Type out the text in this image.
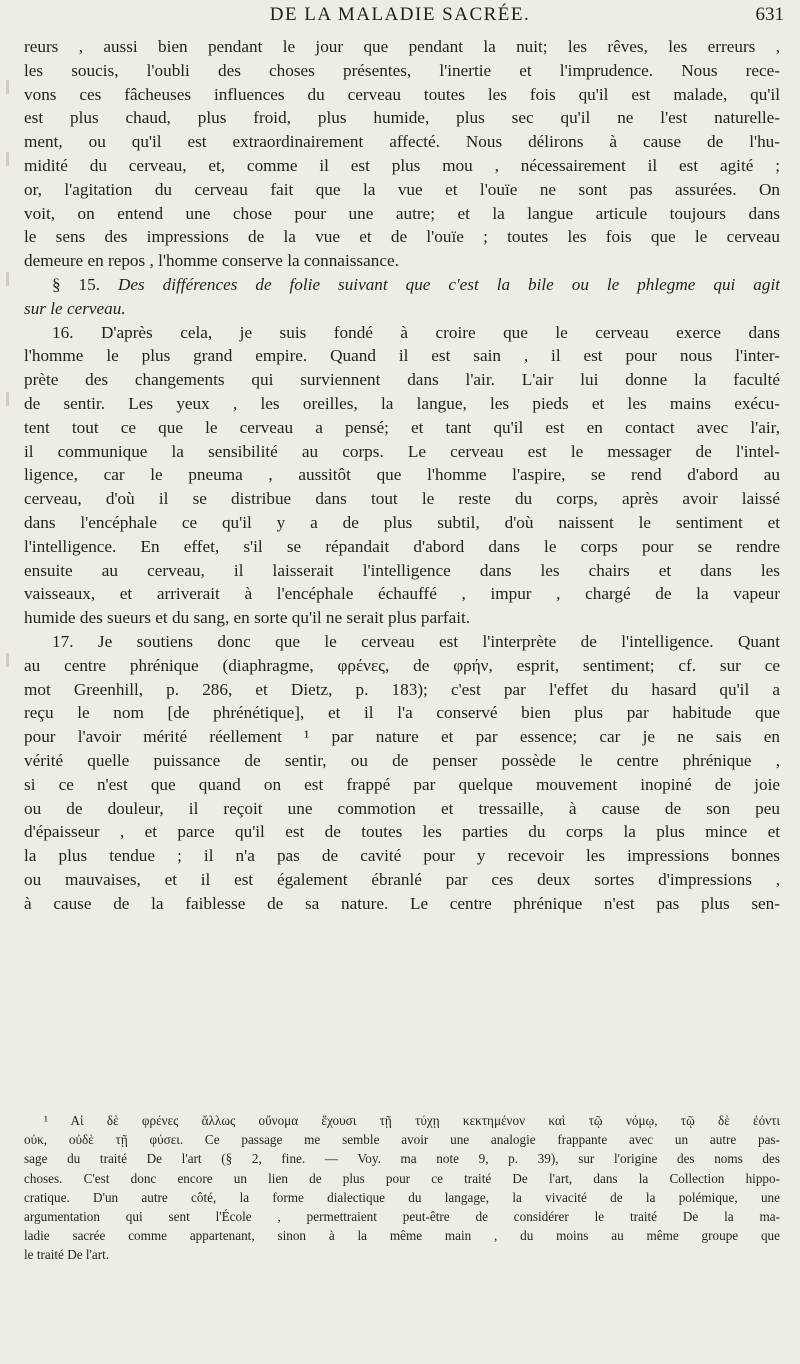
DE LA MALADIE SACRÉE.	631
reurs , aussi bien pendant le jour que pendant la nuit; les rêves, les erreurs ,
les soucis, l'oubli des choses présentes, l'inertie et l'imprudence. Nous rece-
vons ces fâcheuses influences du cerveau toutes les fois qu'il est malade, qu'il
est plus chaud, plus froid, plus humide, plus sec qu'il ne l'est naturelle-
ment, ou qu'il est extraordinairement affecté. Nous délirons à cause de l'hu-
midité du cerveau, et, comme il est plus mou , nécessairement il est agité ;
or, l'agitation du cerveau fait que la vue et l'ouïe ne sont pas assurées. On
voit, on entend une chose pour une autre; et la langue articule toujours dans
le sens des impressions de la vue et de l'ouïe ; toutes les fois que le cerveau
demeure en repos , l'homme conserve la connaissance.
§ 15. Des différences de folie suivant que c'est la bile ou le phlegme qui agit
sur le cerveau.
16. D'après cela, je suis fondé à croire que le cerveau exerce dans
l'homme le plus grand empire. Quand il est sain , il est pour nous l'inter-
prète des changements qui surviennent dans l'air. L'air lui donne la faculté
de sentir. Les yeux , les oreilles, la langue, les pieds et les mains exécu-
tent tout ce que le cerveau a pensé; et tant qu'il est en contact avec l'air,
il communique la sensibilité au corps. Le cerveau est le messager de l'intel-
ligence, car le pneuma , aussitôt que l'homme l'aspire, se rend d'abord au
cerveau, d'où il se distribue dans tout le reste du corps, après avoir laissé
dans l'encéphale ce qu'il y a de plus subtil, d'où naissent le sentiment et
l'intelligence. En effet, s'il se répandait d'abord dans le corps pour se rendre
ensuite au cerveau, il laisserait l'intelligence dans les chairs et dans les
vaisseaux, et arriverait à l'encéphale échauffé , impur , chargé de la vapeur
humide des sueurs et du sang, en sorte qu'il ne serait plus parfait.
17. Je soutiens donc que le cerveau est l'interprète de l'intelligence. Quant
au centre phrénique (diaphragme, φρένες, de φρήν, esprit, sentiment; cf. sur ce
mot Greenhill, p. 286, et Dietz, p. 183); c'est par l'effet du hasard qu'il a
reçu le nom [de phrénétique], et il l'a conservé bien plus par habitude que
pour l'avoir mérité réellement ¹ par nature et par essence; car je ne sais en
vérité quelle puissance de sentir, ou de penser possède le centre phrénique ,
si ce n'est que quand on est frappé par quelque mouvement inopiné de joie
ou de douleur, il reçoit une commotion et tressaille, à cause de son peu
d'épaisseur , et parce qu'il est de toutes les parties du corps la plus mince et
la plus tendue ; il n'a pas de cavité pour y recevoir les impressions bonnes
ou mauvaises, et il est également ébranlé par ces deux sortes d'impressions ,
à cause de la faiblesse de sa nature. Le centre phrénique n'est pas plus sen-
¹ Αἱ δὲ φρένες ἄλλως οὔνομα ἔχουσι τῇ τύχῃ κεκτημένον καὶ τῷ νόμῳ, τῷ δὲ ἐόντι
οὐκ, οὐδὲ τῇ φύσει. Ce passage me semble avoir une analogie frappante avec un autre pas-
sage du traité De l'art (§ 2, fine. — Voy. ma note 9, p. 39), sur l'origine des noms des
choses. C'est donc encore un lien de plus pour ce traité De l'art, dans la Collection hippo-
cratique. D'un autre côté, la forme dialectique du langage, la vivacité de la polémique, une
argumentation qui sent l'École , permettraient peut-être de considérer le traité De la ma-
ladie sacrée comme appartenant, sinon à la même main , du moins au même groupe que
le traité De l'art.
